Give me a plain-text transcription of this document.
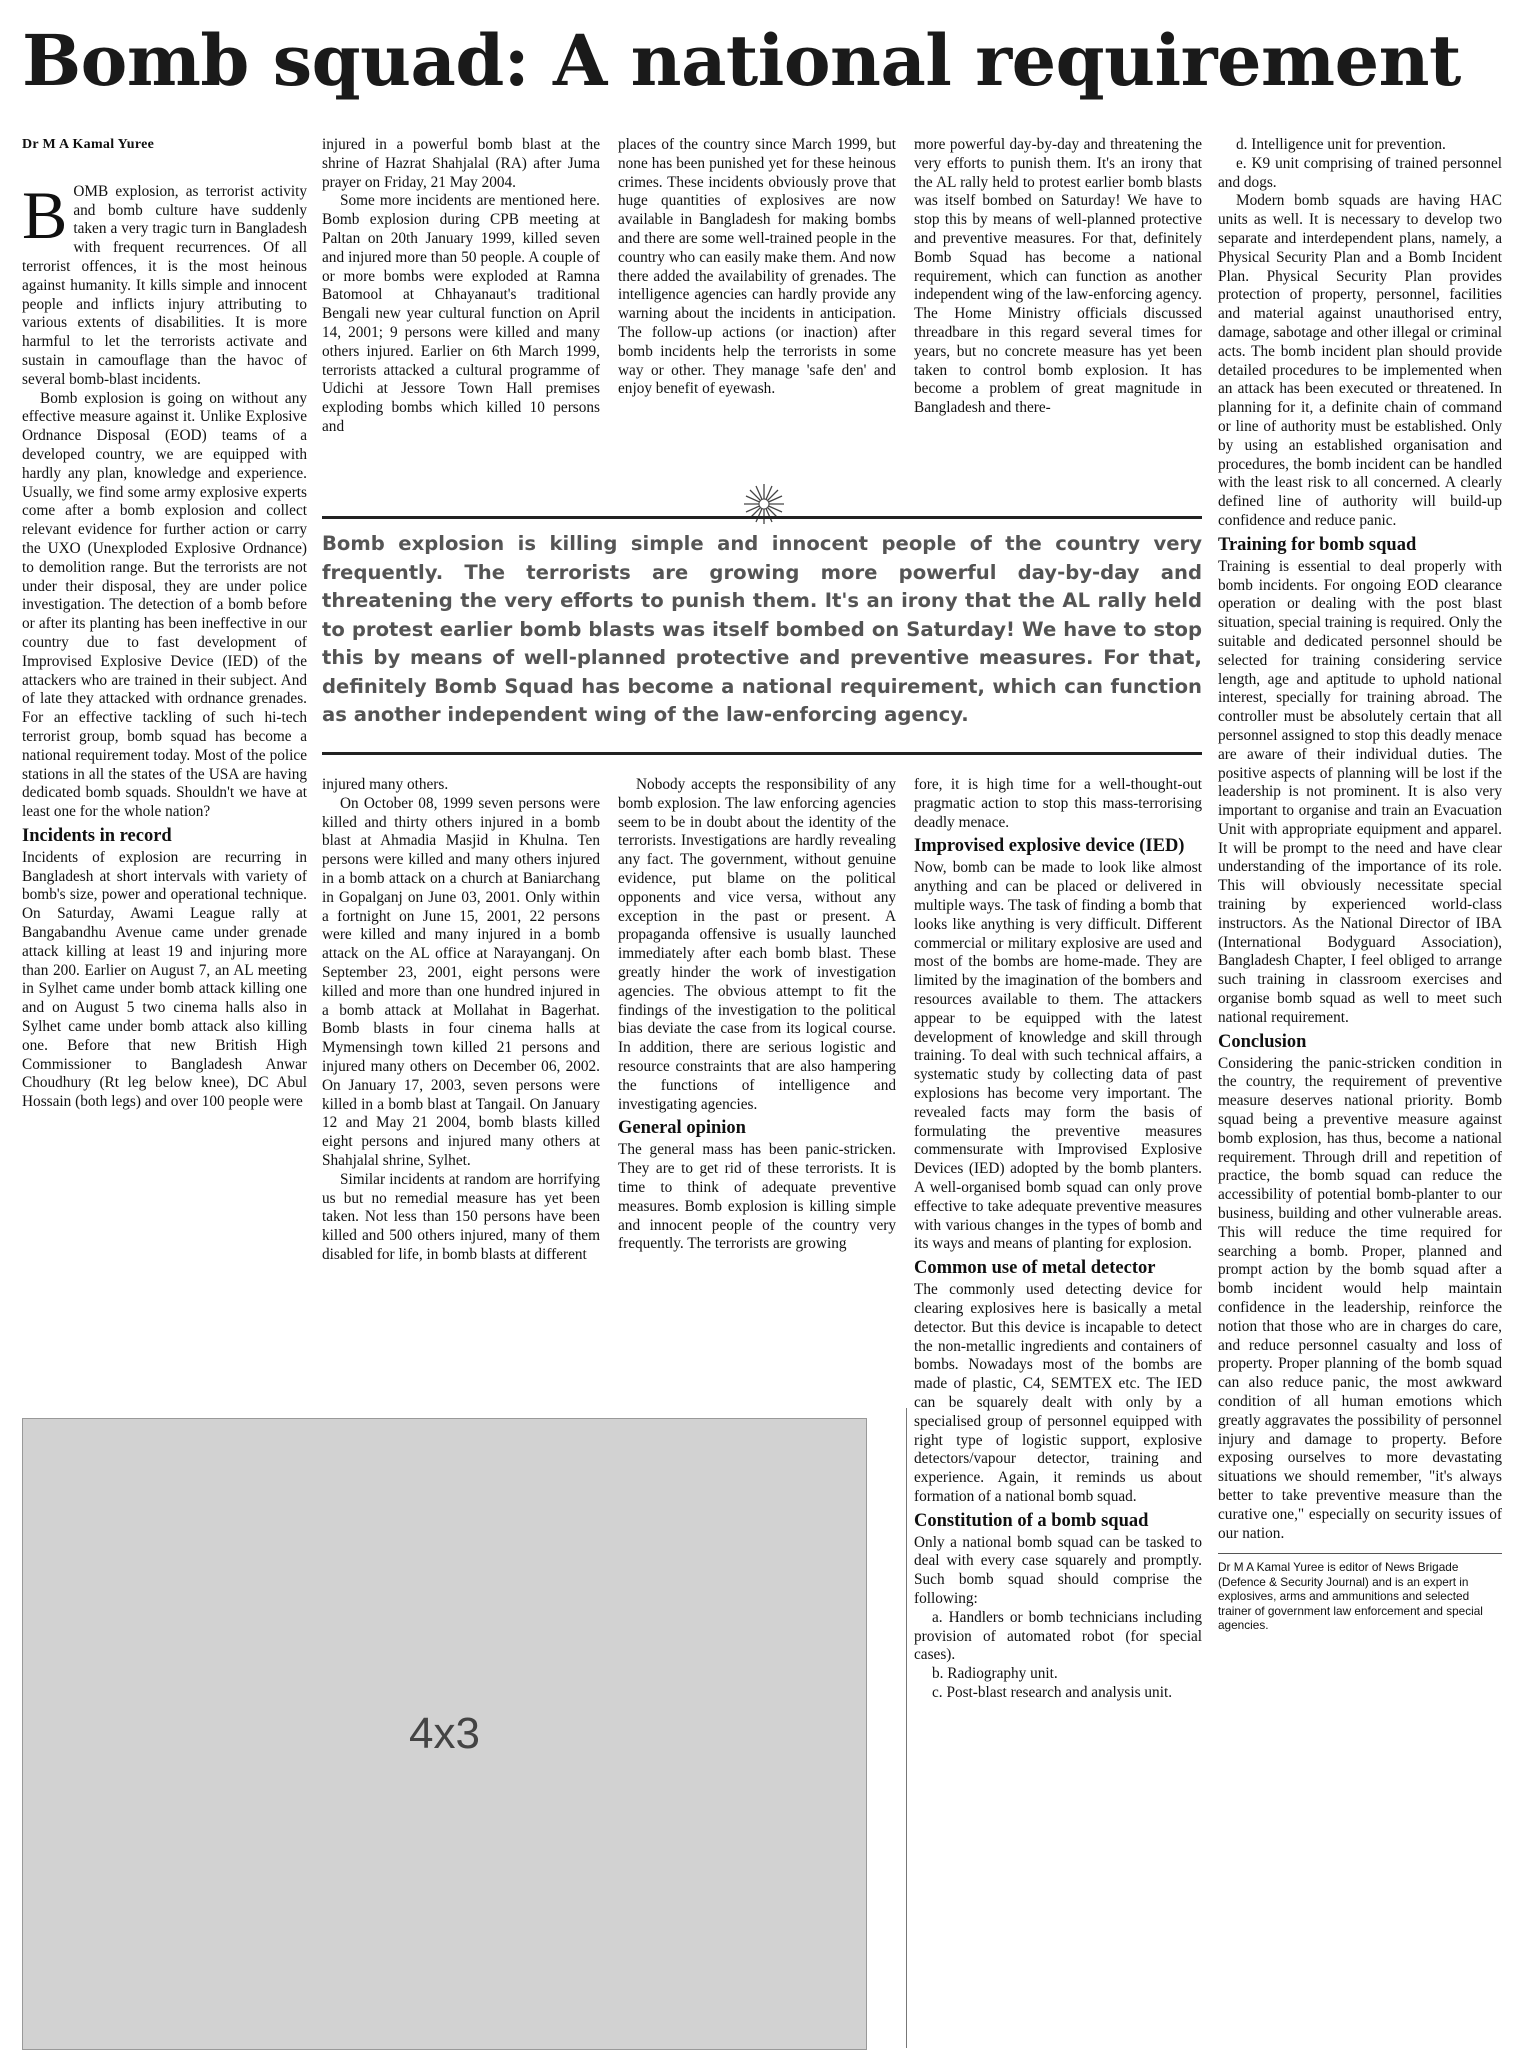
Bomb squad: A national requirement

Dr M A Kamal Yuree

BOMB explosion, as terrorist activity and bomb culture have suddenly taken a very tragic turn in Bangladesh with frequent recurrences. Of all terrorist offences, it is the most heinous against humanity. It kills simple and innocent people and inflicts injury attributing to various extents of disabilities. It is more harmful to let the terrorists activate and sustain in camouflage than the havoc of several bomb-blast incidents.

Bomb explosion is going on without any effective measure against it. Unlike Explosive Ordnance Disposal (EOD) teams of a developed country, we are equipped with hardly any plan, knowledge and experience. Usually, we find some army explosive experts come after a bomb explosion and collect relevant evidence for further action or carry the UXO (Unexploded Explosive Ordnance) to demolition range. But the terrorists are not under their disposal, they are under police investigation. The detection of a bomb before or after its planting has been ineffective in our country due to fast development of Improvised Explosive Device (IED) of the attackers who are trained in their subject. And of late they attacked with ordnance grenades. For an effective tackling of such hi-tech terrorist group, bomb squad has become a national requirement today. Most of the police stations in all the states of the USA are having dedicated bomb squads. Shouldn't we have at least one for the whole nation?

Incidents in record

Incidents of explosion are recurring in Bangladesh at short intervals with variety of bomb's size, power and operational technique. On Saturday, Awami League rally at Bangabandhu Avenue came under grenade attack killing at least 19 and injuring more than 200. Earlier on August 7, an AL meeting in Sylhet came under bomb attack killing one and on August 5 two cinema halls also in Sylhet came under bomb attack also killing one. Before that new British High Commissioner to Bangladesh Anwar Choudhury (Rt leg below knee), DC Abul Hossain (both legs) and over 100 people were

injured in a powerful bomb blast at the shrine of Hazrat Shahjalal (RA) after Juma prayer on Friday, 21 May 2004.

Some more incidents are mentioned here. Bomb explosion during CPB meeting at Paltan on 20th January 1999, killed seven and injured more than 50 people. A couple of or more bombs were exploded at Ramna Batomool at Chhayanaut's traditional Bengali new year cultural function on April 14, 2001; 9 persons were killed and many others injured. Earlier on 6th March 1999, terrorists attacked a cultural programme of Udichi at Jessore Town Hall premises exploding bombs which killed 10 persons and

places of the country since March 1999, but none has been punished yet for these heinous crimes. These incidents obviously prove that huge quantities of explosives are now available in Bangladesh for making bombs and there are some well-trained people in the country who can easily make them. And now there added the availability of grenades. The intelligence agencies can hardly provide any warning about the incidents in anticipation. The follow-up actions (or inaction) after bomb incidents help the terrorists in some way or other. They manage 'safe den' and enjoy benefit of eyewash.

more powerful day-by-day and threatening the very efforts to punish them. It's an irony that the AL rally held to protest earlier bomb blasts was itself bombed on Saturday! We have to stop this by means of well-planned protective and preventive measures. For that, definitely Bomb Squad has become a national requirement, which can function as another independent wing of the law-enforcing agency. The Home Ministry officials discussed threadbare in this regard several times for years, but no concrete measure has yet been taken to control bomb explosion. It has become a problem of great magnitude in Bangladesh and there-

Bomb explosion is killing simple and innocent people of the country very frequently. The terrorists are growing more powerful day-by-day and threatening the very efforts to punish them. It's an irony that the AL rally held to protest earlier bomb blasts was itself bombed on Saturday! We have to stop this by means of well-planned protective and preventive measures. For that, definitely Bomb Squad has become a national requirement, which can function as another independent wing of the law-enforcing agency.

injured many others.

On October 08, 1999 seven persons were killed and thirty others injured in a bomb blast at Ahmadia Masjid in Khulna. Ten persons were killed and many others injured in a bomb attack on a church at Baniarchang in Gopalganj on June 03, 2001. Only within a fortnight on June 15, 2001, 22 persons were killed and many injured in a bomb attack on the AL office at Narayanganj. On September 23, 2001, eight persons were killed and more than one hundred injured in a bomb attack at Mollahat in Bagerhat. Bomb blasts in four cinema halls at Mymensingh town killed 21 persons and injured many others on December 06, 2002. On January 17, 2003, seven persons were killed in a bomb blast at Tangail. On January 12 and May 21 2004, bomb blasts killed eight persons and injured many others at Shahjalal shrine, Sylhet.

Similar incidents at random are horrifying us but no remedial measure has yet been taken. Not less than 150 persons have been killed and 500 others injured, many of them disabled for life, in bomb blasts at different

Nobody accepts the responsibility of any bomb explosion. The law enforcing agencies seem to be in doubt about the identity of the terrorists. Investigations are hardly revealing any fact. The government, without genuine evidence, put blame on the political opponents and vice versa, without any exception in the past or present. A propaganda offensive is usually launched immediately after each bomb blast. These greatly hinder the work of investigation agencies. The obvious attempt to fit the findings of the investigation to the political bias deviate the case from its logical course. In addition, there are serious logistic and resource constraints that are also hampering the functions of intelligence and investigating agencies.

General opinion

The general mass has been panic-stricken. They are to get rid of these terrorists. It is time to think of adequate preventive measures. Bomb explosion is killing simple and innocent people of the country very frequently. The terrorists are growing

fore, it is high time for a well-thought-out pragmatic action to stop this mass-terrorising deadly menace.

Improvised explosive device (IED)

Now, bomb can be made to look like almost anything and can be placed or delivered in multiple ways. The task of finding a bomb that looks like anything is very difficult. Different commercial or military explosive are used and most of the bombs are home-made. They are limited by the imagination of the bombers and resources available to them. The attackers appear to be equipped with the latest development of knowledge and skill through training. To deal with such technical affairs, a systematic study by collecting data of past explosions has become very important. The revealed facts may form the basis of formulating the preventive measures commensurate with Improvised Explosive Devices (IED) adopted by the bomb planters. A well-organised bomb squad can only prove effective to take adequate preventive measures with various changes in the types of bomb and its ways and means of planting for explosion.

Common use of metal detector

The commonly used detecting device for clearing explosives here is basically a metal detector. But this device is incapable to detect the non-metallic ingredients and containers of bombs. Nowadays most of the bombs are made of plastic, C4, SEMTEX etc. The IED can be squarely dealt with only by a specialised group of personnel equipped with right type of logistic support, explosive detectors/vapour detector, training and experience. Again, it reminds us about formation of a national bomb squad.

Constitution of a bomb squad

Only a national bomb squad can be tasked to deal with every case squarely and promptly. Such bomb squad should comprise the following:

a. Handlers or bomb technicians including provision of automated robot (for special cases).

b. Radiography unit.

c. Post-blast research and analysis unit.

d. Intelligence unit for prevention.

e. K9 unit comprising of trained personnel and dogs.

Modern bomb squads are having HAC units as well. It is necessary to develop two separate and interdependent plans, namely, a Physical Security Plan and a Bomb Incident Plan. Physical Security Plan provides protection of property, personnel, facilities and material against unauthorised entry, damage, sabotage and other illegal or criminal acts. The bomb incident plan should provide detailed procedures to be implemented when an attack has been executed or threatened. In planning for it, a definite chain of command or line of authority must be established. Only by using an established organisation and procedures, the bomb incident can be handled with the least risk to all concerned. A clearly defined line of authority will build-up confidence and reduce panic.

Training for bomb squad

Training is essential to deal properly with bomb incidents. For ongoing EOD clearance operation or dealing with the post blast situation, special training is required. Only the suitable and dedicated personnel should be selected for training considering service length, age and aptitude to uphold national interest, specially for training abroad. The controller must be absolutely certain that all personnel assigned to stop this deadly menace are aware of their individual duties. The positive aspects of planning will be lost if the leadership is not prominent. It is also very important to organise and train an Evacuation Unit with appropriate equipment and apparel. It will be prompt to the need and have clear understanding of the importance of its role. This will obviously necessitate special training by experienced world-class instructors. As the National Director of IBA (International Bodyguard Association), Bangladesh Chapter, I feel obliged to arrange such training in classroom exercises and organise bomb squad as well to meet such national requirement.

Conclusion

Considering the panic-stricken condition in the country, the requirement of preventive measure deserves national priority. Bomb squad being a preventive measure against bomb explosion, has thus, become a national requirement. Through drill and repetition of practice, the bomb squad can reduce the accessibility of potential bomb-planter to our business, building and other vulnerable areas. This will reduce the time required for searching a bomb. Proper, planned and prompt action by the bomb squad after a bomb incident would help maintain confidence in the leadership, reinforce the notion that those who are in charges do care, and reduce personnel casualty and loss of property. Proper planning of the bomb squad can also reduce panic, the most awkward condition of all human emotions which greatly aggravates the possibility of personnel injury and damage to property. Before exposing ourselves to more devastating situations we should remember, "it's always better to take preventive measure than the curative one," especially on security issues of our nation.

Dr M A Kamal Yuree is editor of News Brigade (Defence & Security Journal) and is an expert in explosives, arms and ammunitions and selected trainer of government law enforcement and special agencies.

4x3
